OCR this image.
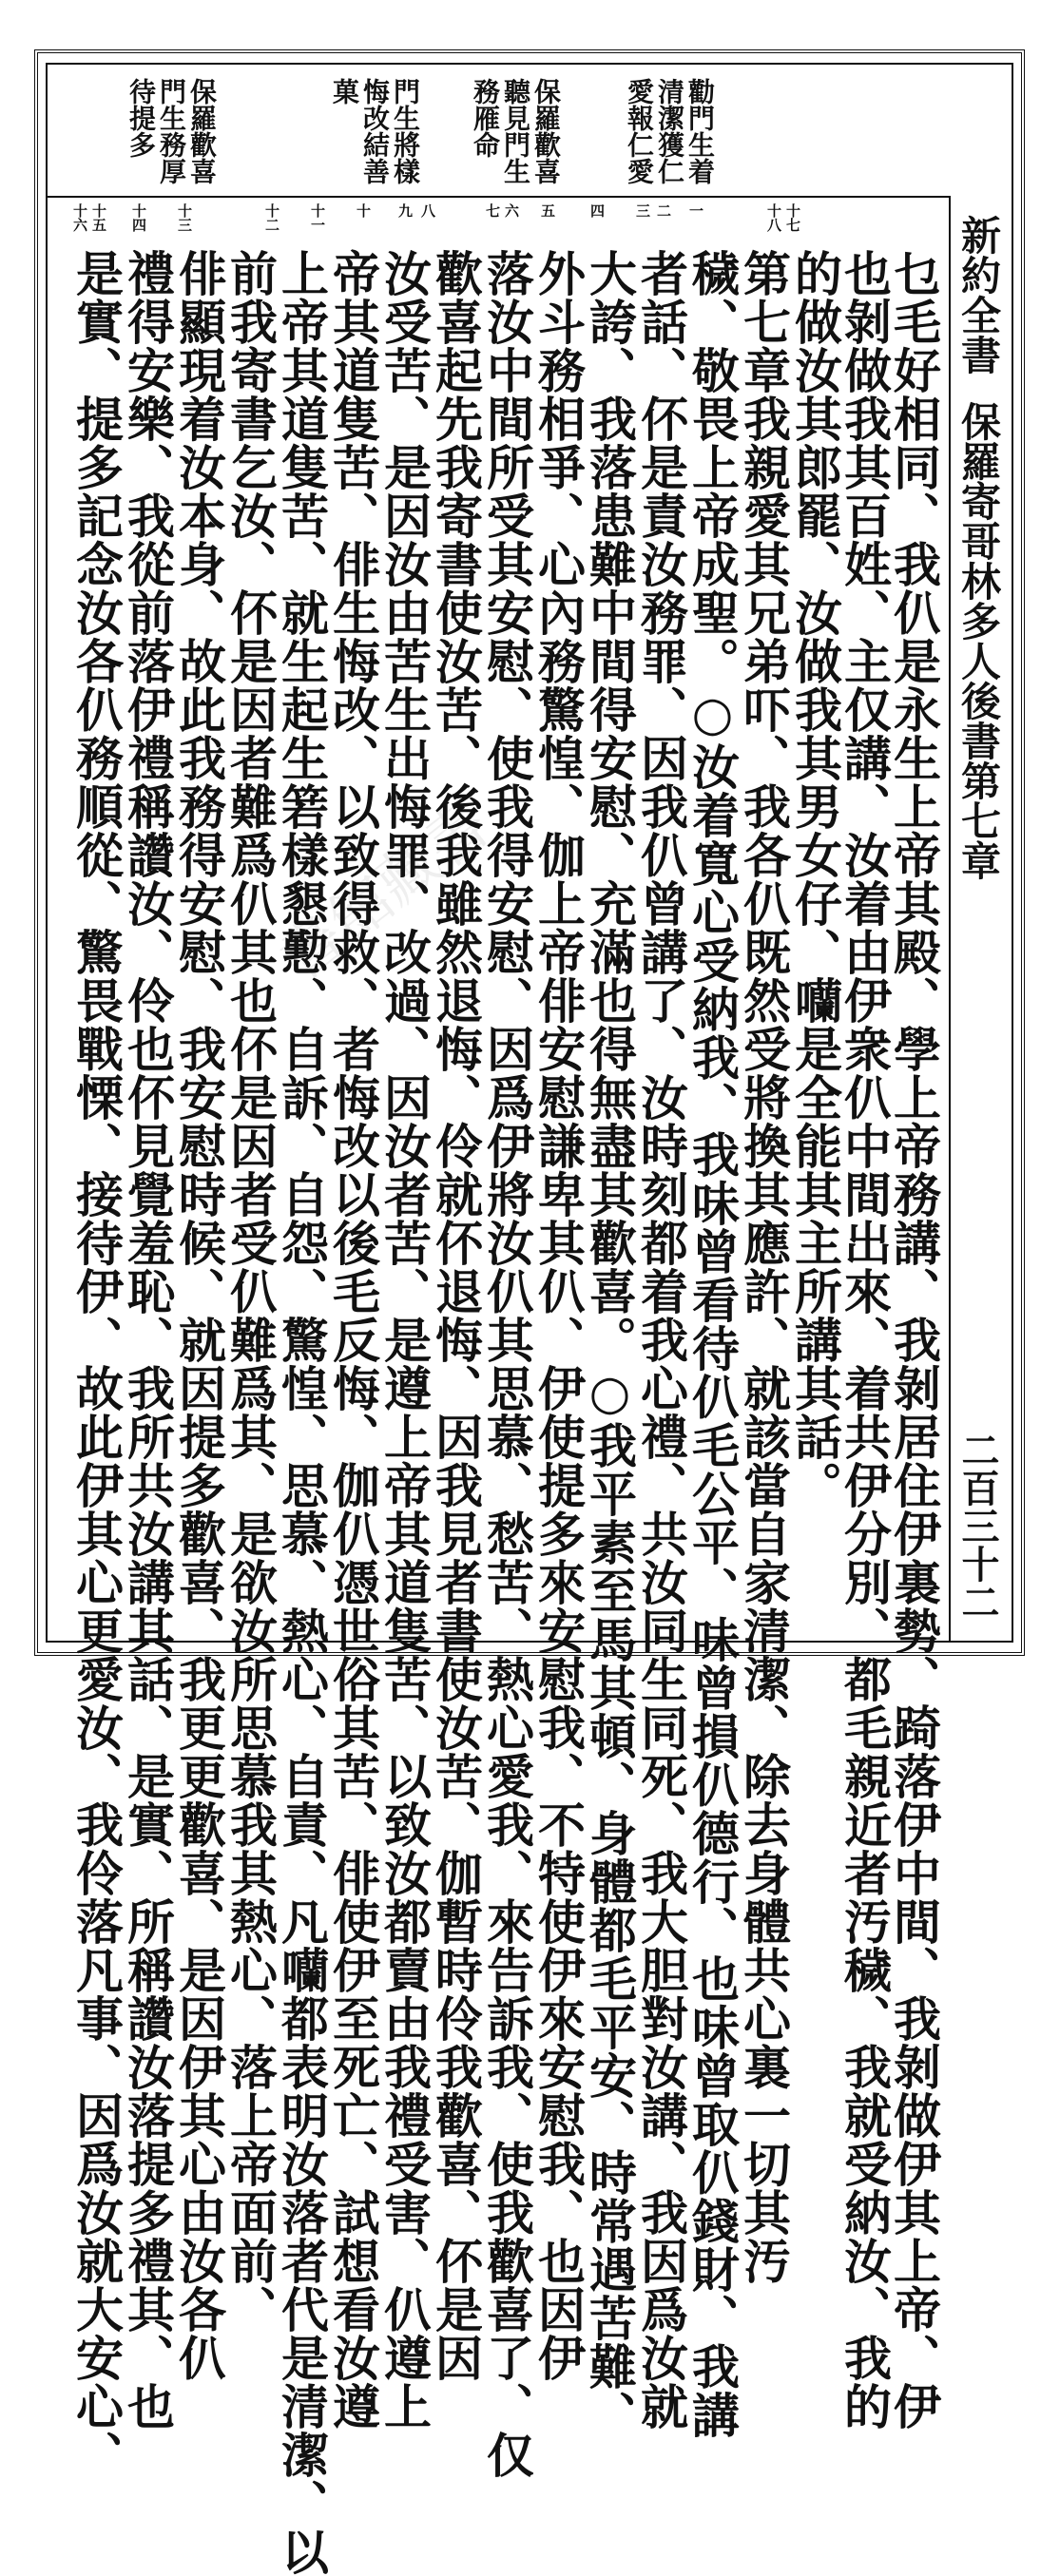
勸門生着
清潔獲仁
愛報仁愛
保羅歡喜
聽見門生
務雁命
門生將樣
悔改結善
菓
保羅歡喜
門生務厚
待提多
十七
十八
一
二
三
四
五
六
七
八
九
十
十一
十二
十三
十四
十五
十六	新約全書保羅寄哥林多人後書第七章
二百三十二
書館藏書	乜毛好相同、我仈是永生上帝其殿、學上帝務講、我剝居住伊裏勢、踦落伊中間、我剝做伊其上帝、伊
也剝做我其百姓、主仅講、汝着由伊衆仈中間出來、着共伊分別、都毛親近者汚穢、我就受納汝、我的
的做汝其郎罷、汝做我其男女仔、囒是全能其主所講其話。
第七章我親愛其兄弟吓、我各仈既然受將換其應許、就該當自家清潔、除去身體共心裏一切其汚
穢、敬畏上帝成聖。○汝着寬心受納我、我味曾看待仈毛公平、味曾損仈德行、也味曾取仈錢財、我講
者話、伓是責汝務罪、因我仈曾講了、汝時刻都着我心禮、共汝同生同死、我大胆對汝講、我因爲汝就
大誇、我落患難中間得安慰、充滿也得無盡其歡喜。○我平素至馬其頓、身體都毛平安、時常遇苦難、
外斗務相爭、心內務驚惶、伽上帝俳安慰謙卑其仈、伊使提多來安慰我、不特使伊來安慰我、也因伊
落汝中間所受其安慰、使我得安慰、因爲伊將汝仈其思慕、愁苦、熱心愛我、來告訴我、使我歡喜了、仅
歡喜起先我寄書使汝苦、後我雖然退悔、伶就伓退悔、因我見者書使汝苦、伽暫時伶我歡喜、伓是因
汝受苦、是因汝由苦生出悔罪、改過、因汝者苦、是遵上帝其道隻苦、以致汝都賣由我禮受害、仈遵上
帝其道隻苦、俳生悔改、以致得救、者悔改以後毛反悔、伽仈憑世俗其苦、俳使伊至死亡、試想看汝遵
上帝其道隻苦、就生起生箬樣懇懃、自訴、自怨、驚惶、思慕、熱心、自責、凡囒都表明汝落者代是清潔、以
前我寄書乞汝、伓是因者難爲仈其也伓是因者受仈難爲其、是欲汝所思慕我其熱心、落上帝面前、
俳顯現着汝本身、故此我務得安慰、我安慰時候、就因提多歡喜、我更更歡喜、是因伊其心由汝各仈
禮得安樂、我從前落伊禮稱讚汝、伶也伓見覺羞恥、我所共汝講其話、是實、所稱讚汝落提多禮其、也
是實、提多記念汝各仈務順從、驚畏戰慄、接待伊、故此伊其心更愛汝、我伶落凡事、因爲汝就大安心、
